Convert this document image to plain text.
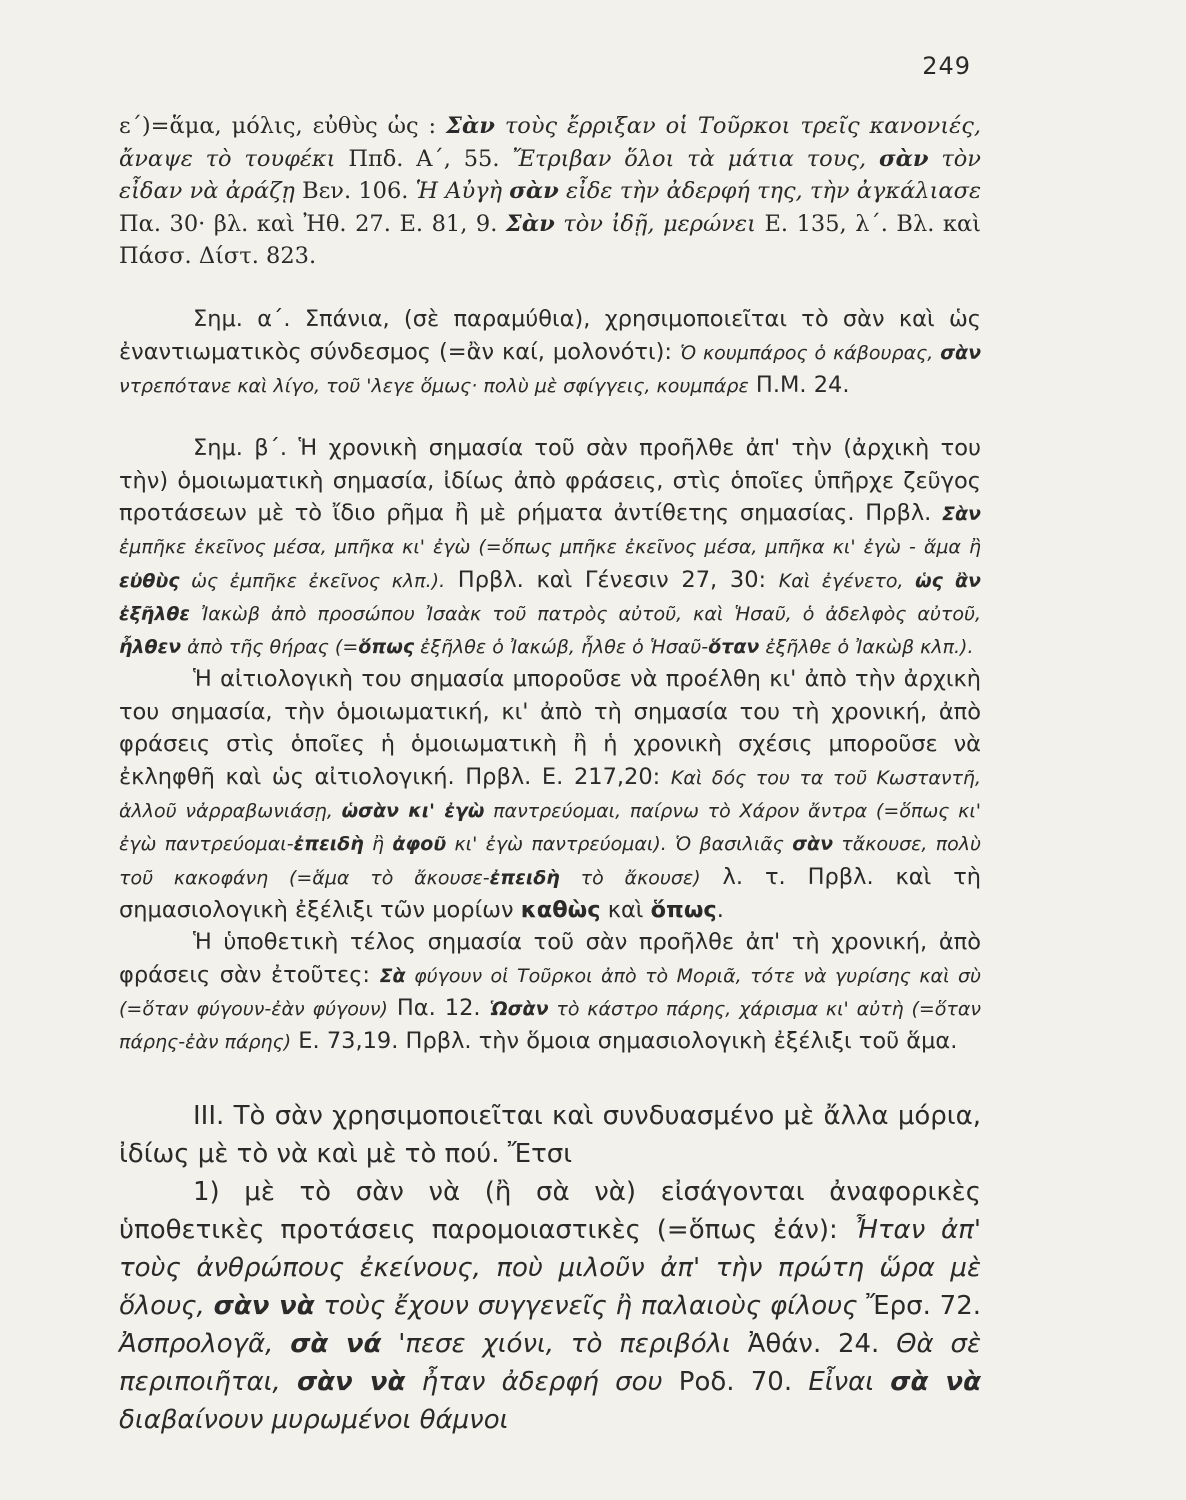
249

ε΄)=ἅμα, μόλις, εὐθὺς ὡς : Σὰν τοὺς ἔρριξαν οἱ Τοῦρκοι τρεῖς κανονιές, ἄναψε τὸ τουφέκι Ππδ. Α΄, 55. Ἔτριβαν ὅλοι τὰ μάτια τους, σὰν τὸν εἶδαν νὰ ἀράζῃ Βεν. 106. Ἡ Αὐγὴ σὰν εἶδε τὴν ἀδερφή της, τὴν ἀγκάλιασε Πα. 30· βλ. καὶ Ἠθ. 27. Ε. 81, 9. Σὰν τὸν ἰδῇ, μερώνει Ε. 135, λ΄. Βλ. καὶ Πάσσ. Δίστ. 823.

Σημ. α΄. Σπάνια, (σὲ παραμύθια), χρησιμοποιεῖται τὸ σὰν καὶ ὡς ἐναντιωματικὸς σύνδεσμος (=ἂν καί, μολονότι): Ὁ κουμπάρος ὁ κάβουρας, σὰν ντρεπότανε καὶ λίγο, τοῦ 'λεγε ὅμως· πολὺ μὲ σφίγγεις, κουμπάρε Π.Μ. 24.

Σημ. β΄. Ἡ χρονικὴ σημασία τοῦ σὰν προῆλθε ἀπ' τὴν (ἀρχικὴ του τὴν) ὁμοιωματικὴ σημασία, ἰδίως ἀπὸ φράσεις, στὶς ὁποῖες ὑπῆρχε ζεῦγος προτάσεων μὲ τὸ ἴδιο ρῆμα ἢ μὲ ρήματα ἀντίθετης σημασίας. Πρβλ. Σὰν ἐμπῆκε ἐκεῖνος μέσα, μπῆκα κι' ἐγὼ (=ὅπως μπῆκε ἐκεῖνος μέσα, μπῆκα κι' ἐγὼ - ἅμα ἢ εὐθὺς ὡς ἐμπῆκε ἐκεῖνος κλπ.). Πρβλ. καὶ Γένεσιν 27, 30: Καὶ ἐγένετο, ὡς ἂν ἐξῆλθε Ἰακὼβ ἀπὸ προσώπου Ἰσαὰκ τοῦ πατρὸς αὐτοῦ, καὶ Ἡσαῦ, ὁ ἀδελφὸς αὐτοῦ, ἦλθεν ἀπὸ τῆς θήρας (=ὅπως ἐξῆλθε ὁ Ἰακώβ, ἦλθε ὁ Ἡσαῦ-ὅταν ἐξῆλθε ὁ Ἰακὼβ κλπ.).

Ἡ αἰτιολογικὴ του σημασία μποροῦσε νὰ προέλθη κι' ἀπὸ τὴν ἀρχικὴ του σημασία, τὴν ὁμοιωματική, κι' ἀπὸ τὴ σημασία του τὴ χρονική, ἀπὸ φράσεις στὶς ὁποῖες ἡ ὁμοιωματικὴ ἢ ἡ χρονικὴ σχέσις μποροῦσε νὰ ἐκληφθῆ καὶ ὡς αἰτιολογική. Πρβλ. Ε. 217,20: Καὶ δός του τα τοῦ Κωσταντῆ, ἀλλοῦ νἀρραβωνιάσῃ, ὡσὰν κι' ἐγὼ παντρεύομαι, παίρνω τὸ Χάρον ἄντρα (=ὅπως κι' ἐγὼ παντρεύομαι-ἐπειδὴ ἢ ἀφοῦ κι' ἐγὼ παντρεύομαι). Ὁ βασιλιᾶς σὰν τἄκουσε, πολὺ τοῦ κακοφάνη (=ἅμα τὸ ἄκουσε-ἐπειδὴ τὸ ἄκουσε) λ. τ. Πρβλ. καὶ τὴ σημασιολογικὴ ἐξέλιξι τῶν μορίων καθὼς καὶ ὅπως.

Ἡ ὑποθετικὴ τέλος σημασία τοῦ σὰν προῆλθε ἀπ' τὴ χρονική, ἀπὸ φράσεις σὰν ἐτοῦτες: Σὰ φύγουν οἱ Τοῦρκοι ἀπὸ τὸ Μοριᾶ, τότε νὰ γυρίσης καὶ σὺ (=ὅταν φύγουν-ἐὰν φύγουν) Πα. 12. Ὡσὰν τὸ κάστρο πάρης, χάρισμα κι' αὐτὴ (=ὅταν πάρης-ἐὰν πάρης) Ε. 73,19. Πρβλ. τὴν ὅμοια σημασιολογικὴ ἐξέλιξι τοῦ ἅμα.

III. Τὸ σὰν χρησιμοποιεῖται καὶ συνδυασμένο μὲ ἄλλα μόρια, ἰδίως μὲ τὸ νὰ καὶ μὲ τὸ πού. Ἔτσι

1) μὲ τὸ σὰν νὰ (ἢ σὰ νὰ) εἰσάγονται ἀναφορικὲς ὑποθετικὲς προτάσεις παρομοιαστικὲς (=ὅπως ἐάν): Ἦταν ἀπ' τοὺς ἀνθρώπους ἐκείνους, ποὺ μιλοῦν ἀπ' τὴν πρώτη ὥρα μὲ ὅλους, σὰν νὰ τοὺς ἔχουν συγγενεῖς ἢ παλαιοὺς φίλους Ἔρσ. 72. Ἀσπρολογᾶ, σὰ νά 'πεσε χιόνι, τὸ περιβόλι Ἀθάν. 24. Θὰ σὲ περιποιῆται, σὰν νὰ ἦταν ἀδερφή σου Ροδ. 70. Εἶναι σὰ νὰ διαβαίνουν μυρωμένοι θάμνοι
